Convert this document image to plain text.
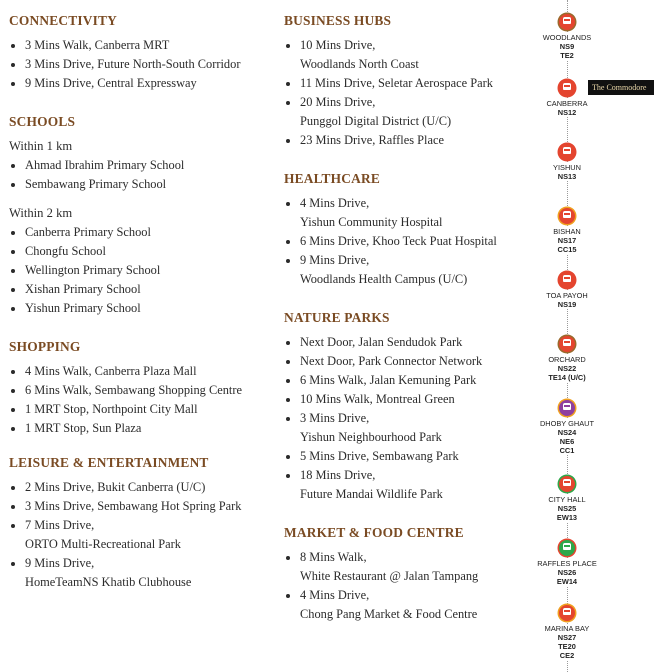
CONNECTIVITY
3 Mins Walk, Canberra MRT
3 Mins Drive, Future North-South Corridor
9 Mins Drive, Central Expressway
SCHOOLS
Within 1 km
Ahmad Ibrahim Primary School
Sembawang Primary School
Within 2 km
Canberra Primary School
Chongfu School
Wellington Primary School
Xishan Primary School
Yishun Primary School
SHOPPING
4 Mins Walk, Canberra Plaza Mall
6 Mins Walk, Sembawang Shopping Centre
1 MRT Stop, Northpoint City Mall
1 MRT Stop, Sun Plaza
LEISURE & ENTERTAINMENT
2 Mins Drive, Bukit Canberra (U/C)
3 Mins Drive, Sembawang Hot Spring Park
7 Mins Drive,
ORTO Multi-Recreational Park
9 Mins Drive,
HomeTeamNS Khatib Clubhouse
BUSINESS HUBS
10 Mins Drive,
Woodlands North Coast
11 Mins Drive, Seletar Aerospace Park
20 Mins Drive,
Punggol Digital District (U/C)
23 Mins Drive, Raffles Place
HEALTHCARE
4 Mins Drive,
Yishun Community Hospital
6 Mins Drive, Khoo Teck Puat Hospital
9 Mins Drive,
Woodlands Health Campus (U/C)
NATURE PARKS
Next Door, Jalan Sendudok Park
Next Door, Park Connector Network
6 Mins Walk, Jalan Kemuning Park
10 Mins Walk, Montreal Green
3 Mins Drive,
Yishun Neighbourhood Park
5 Mins Drive, Sembawang Park
18 Mins Drive,
Future Mandai Wildlife Park
MARKET & FOOD CENTRE
8 Mins Walk,
White Restaurant @ Jalan Tampang
4 Mins Drive,
Chong Pang Market & Food Centre
WOODLANDS
NS9
TE2
CANBERRA
NS12
YISHUN
NS13
BISHAN
NS17
CC15
TOA PAYOH
NS19
ORCHARD
NS22
TE14 (U/C)
DHOBY GHAUT
NS24
NE6
CC1
CITY HALL
NS25
EW13
RAFFLES PLACE
NS26
EW14
MARINA BAY
NS27
TE20
CE2
The Commodore
